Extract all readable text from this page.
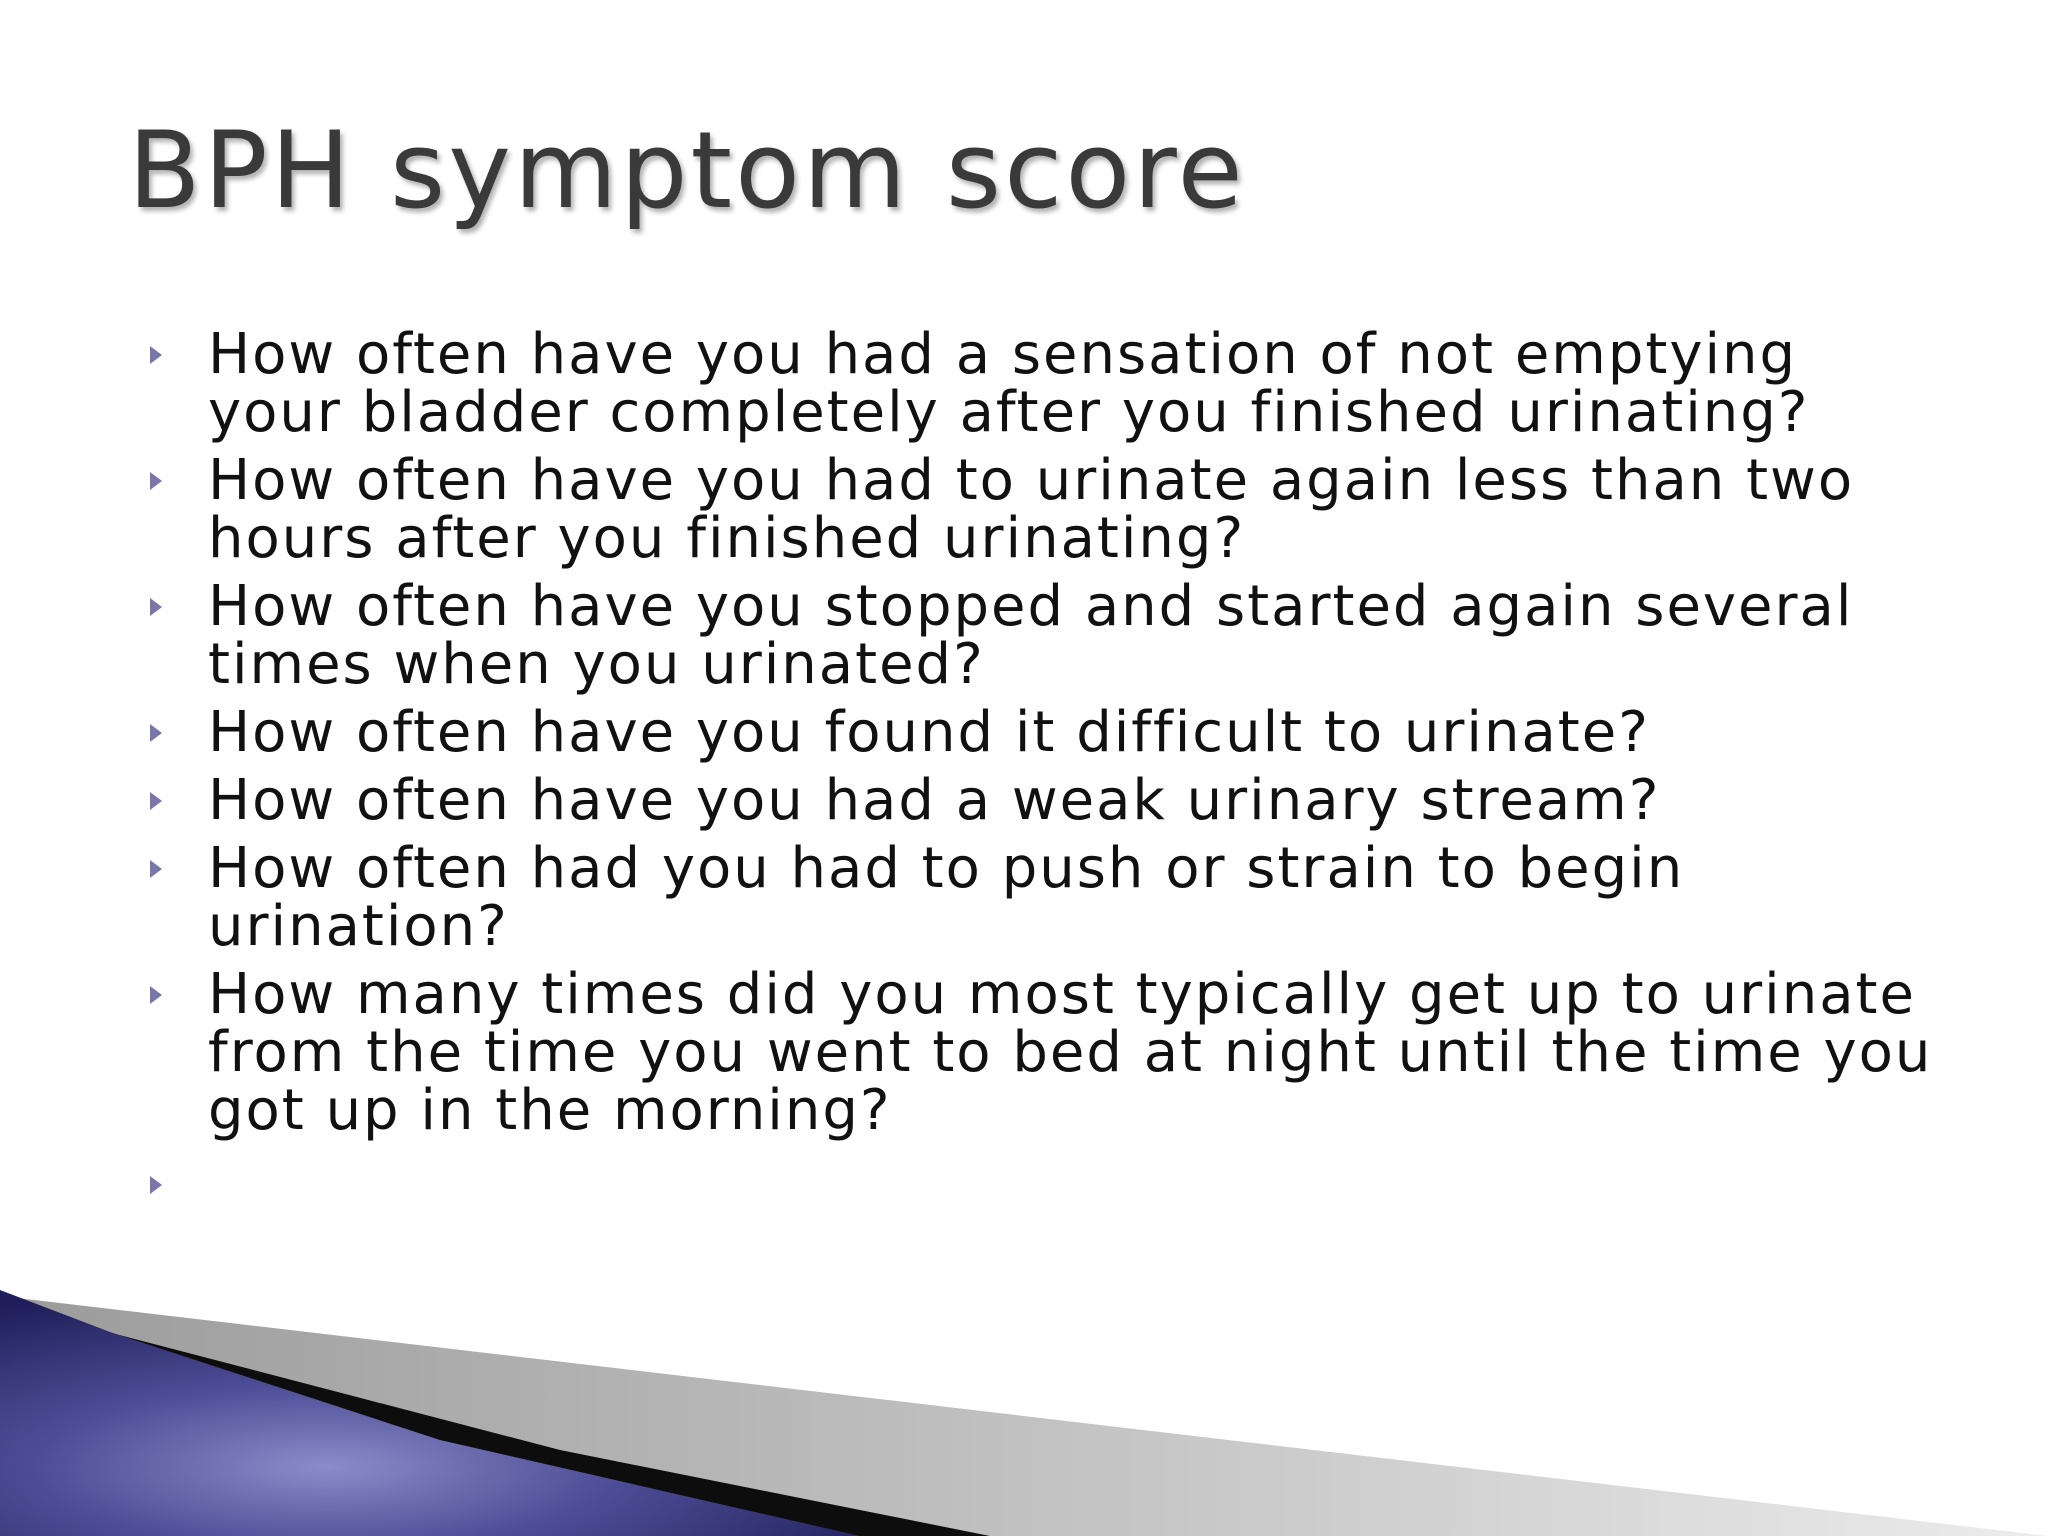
BPH symptom score
How often have you had a sensation of not emptying your bladder completely after you finished urinating?
How often have you had to urinate again less than two hours after you finished urinating?
How often have you stopped and started again several times when you urinated?
How often have you found it difficult to urinate?
How often have you had a weak urinary stream?
How often had you had to push or strain to begin urination?
How many times did you most typically get up to urinate from the time you went to bed at night until the time you got up in the morning?
